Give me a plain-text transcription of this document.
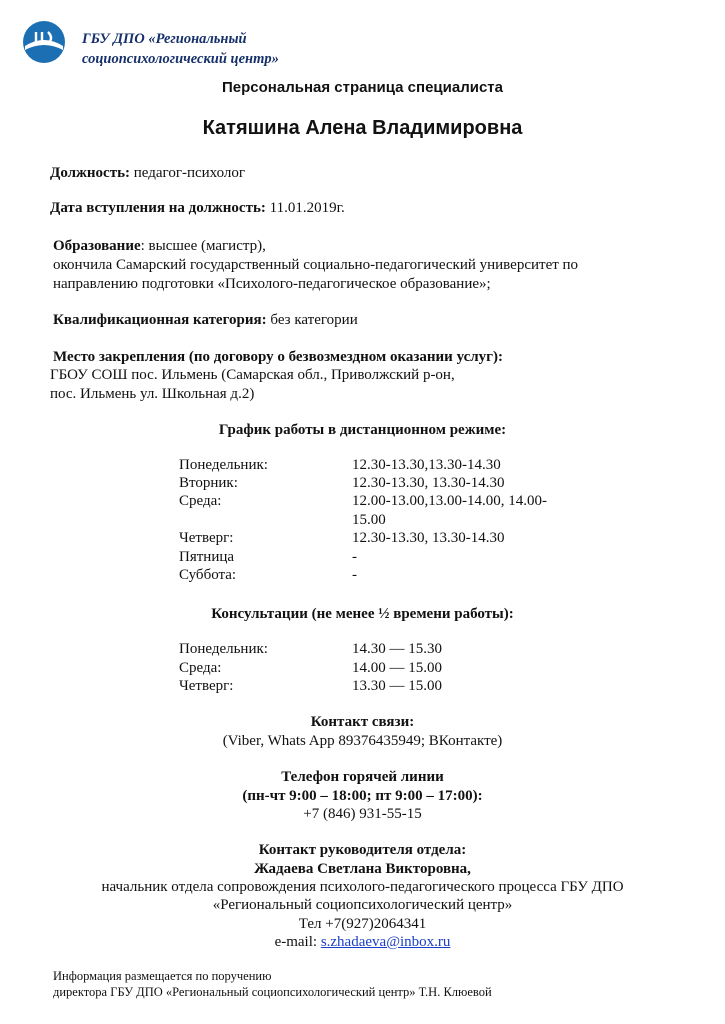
ГБУ ДПО «Региональный
социопсихологический центр»
Персональная страница специалиста
Катяшина Алена Владимировна
Должность: педагог-психолог
Дата вступления на должность: 11.01.2019г.
Образование: высшее (магистр),
окончила Самарский государственный социально-педагогический университет по
направлению подготовки «Психолого-педагогическое образование»;
Квалификационная категория: без категории
Место закрепления (по договору о безвозмездном оказании услуг):
ГБОУ СОШ пос. Ильмень (Самарская обл., Приволжский р-он,
пос. Ильмень ул. Школьная д.2)
График работы в дистанционном режиме:
Понедельник:	12.30-13.30,13.30-14.30
Вторник:	12.30-13.30, 13.30-14.30
Среда:	12.00-13.00,13.00-14.00, 14.00-
15.00
Четверг:	12.30-13.30, 13.30-14.30
Пятница	-
Суббота:	-
Консультации (не менее ½ времени работы):
Понедельник:	14.30 — 15.30
Среда:	14.00 — 15.00
Четверг:	13.30 — 15.00
Контакт связи:
(Viber, Whats App 89376435949; ВКонтакте)
Телефон горячей линии
(пн-чт 9:00 – 18:00; пт 9:00 – 17:00):
+7 (846) 931-55-15
Контакт руководителя отдела:
Жадаева Светлана Викторовна,
начальник отдела сопровождения психолого-педагогического процесса ГБУ ДПО
«Региональный социопсихологический центр»
Тел +7(927)2064341
e-mail: s.zhadaeva@inbox.ru
Информация размещается по поручению
директора ГБУ ДПО «Региональный социопсихологический центр» Т.Н. Клюевой
